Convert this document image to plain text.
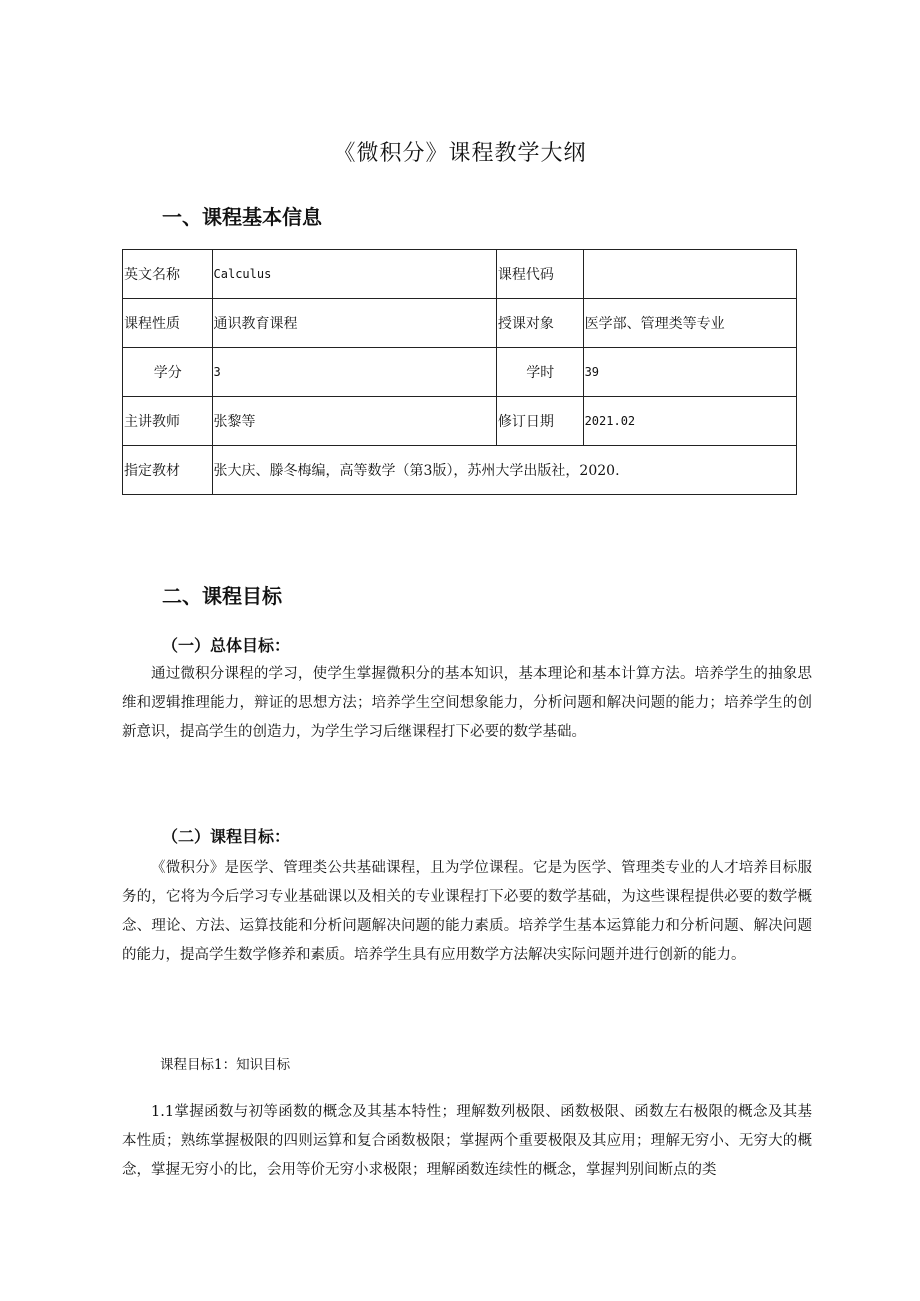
《微积分》课程教学大纲
一、课程基本信息
英文名称	Calculus	课程代码	
课程性质	通识教育课程	授课对象	医学部、管理类等专业
学分	3	学时	39
主讲教师	张黎等	修订日期	2021.02
指定教材	张大庆、滕冬梅编，高等数学（第3版），苏州大学出版社，2020.		
二、课程目标
（一）总体目标：

通过微积分课程的学习，使学生掌握微积分的基本知识，基本理论和基本计算方法。培养学生的抽象思维和逻辑推理能力，辩证的思想方法；培养学生空间想象能力，分析问题和解决问题的能力；培养学生的创新意识，提高学生的创造力，为学生学习后继课程打下必要的数学基础。

（二）课程目标：

《微积分》是医学、管理类公共基础课程，且为学位课程。它是为医学、管理类专业的人才培养目标服务的，它将为今后学习专业基础课以及相关的专业课程打下必要的数学基础，为这些课程提供必要的数学概念、理论、方法、运算技能和分析问题解决问题的能力素质。培养学生基本运算能力和分析问题、解决问题的能力，提高学生数学修养和素质。培养学生具有应用数学方法解决实际问题并进行创新的能力。

课程目标1：知识目标

1.1掌握函数与初等函数的概念及其基本特性；理解数列极限、函数极限、函数左右极限的概念及其基本性质；熟练掌握极限的四则运算和复合函数极限；掌握两个重要极限及其应用；理解无穷小、无穷大的概念，掌握无穷小的比，会用等价无穷小求极限；理解函数连续性的概念，掌握判别间断点的类
